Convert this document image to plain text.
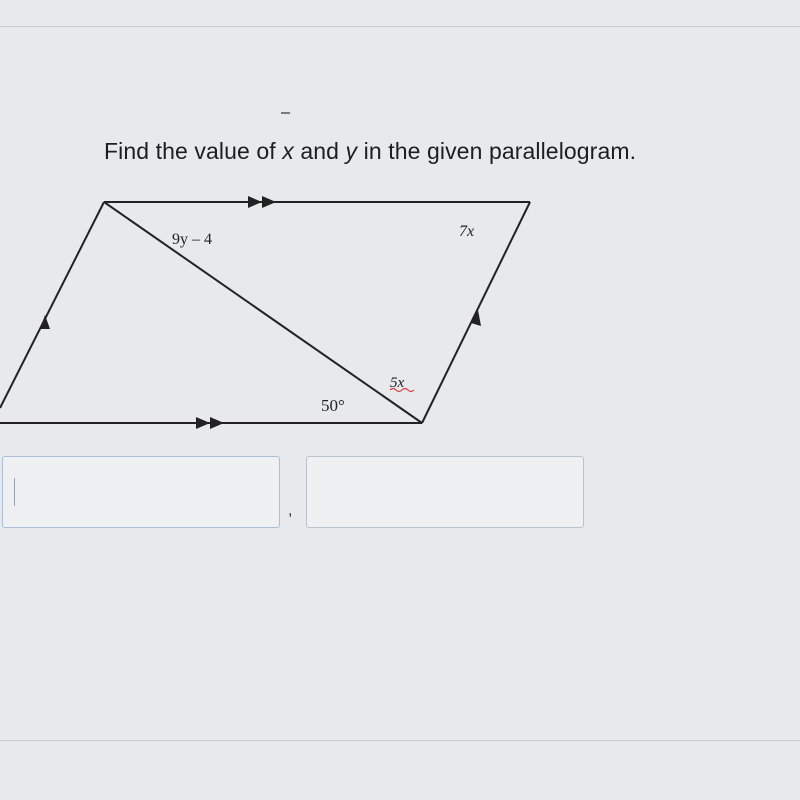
Find the value of x and y in the given parallelogram.
9y – 4	7x
50°
5x
,
